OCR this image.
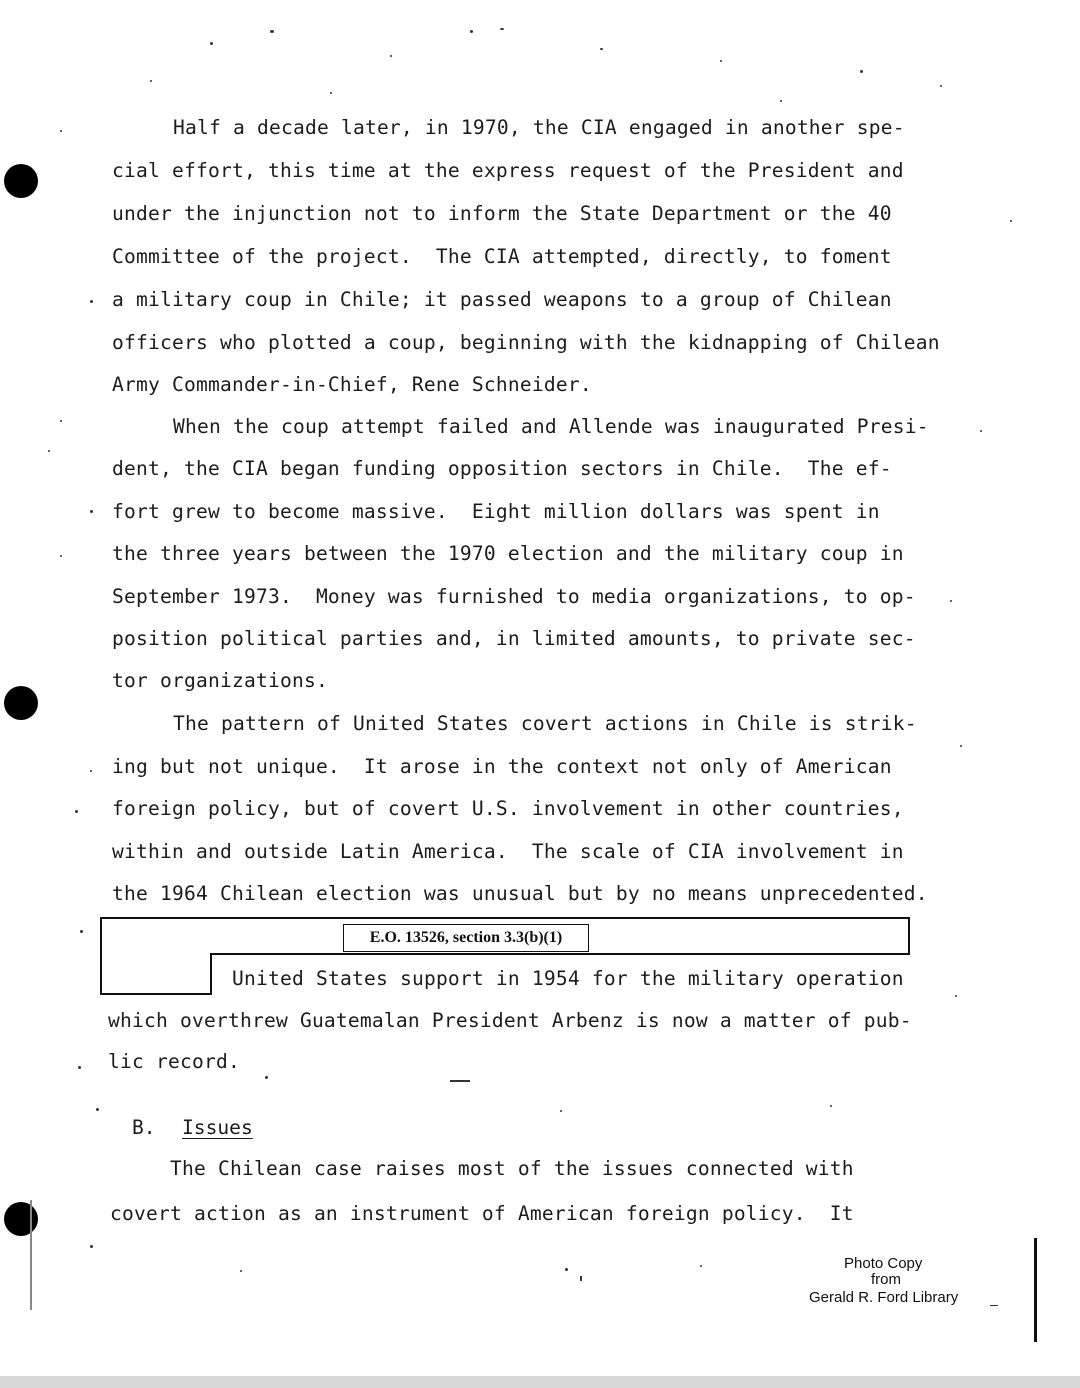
Half a decade later, in 1970, the CIA engaged in another spe-
cial effort, this time at the express request of the President and
under the injunction not to inform the State Department or the 40
Committee of the project.  The CIA attempted, directly, to foment
a military coup in Chile; it passed weapons to a group of Chilean
officers who plotted a coup, beginning with the kidnapping of Chilean
Army Commander-in-Chief, Rene Schneider.
When the coup attempt failed and Allende was inaugurated Presi-
dent, the CIA began funding opposition sectors in Chile.  The ef-
fort grew to become massive.  Eight million dollars was spent in
the three years between the 1970 election and the military coup in
September 1973.  Money was furnished to media organizations, to op-
position political parties and, in limited amounts, to private sec-
tor organizations.
The pattern of United States covert actions in Chile is strik-
ing but not unique.  It arose in the context not only of American
foreign policy, but of covert U.S. involvement in other countries,
within and outside Latin America.  The scale of CIA involvement in
the 1964 Chilean election was unusual but by no means unprecedented.
E.O. 13526, section 3.3(b)(1)
United States support in 1954 for the military operation
which overthrew Guatemalan President Arbenz is now a matter of pub-
lic record.
B. Issues
The Chilean case raises most of the issues connected with
covert action as an instrument of American foreign policy.  It
Photo Copy
from
Gerald R. Ford Library
